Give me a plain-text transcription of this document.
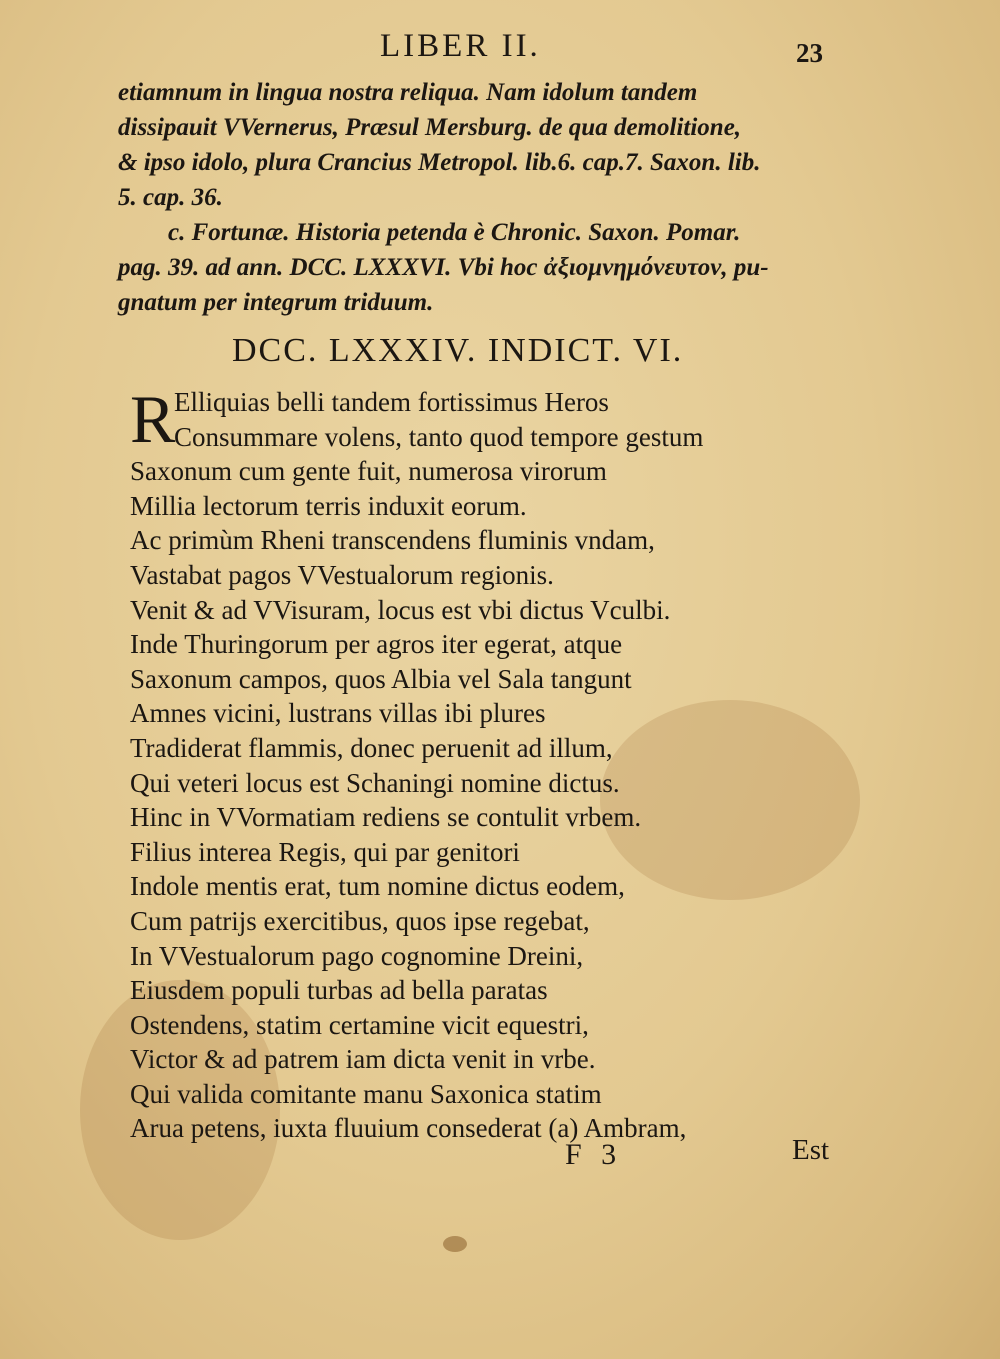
LIBER II.	23
etiamnum in lingua nostra reliqua. Nam idolum tandem
dissipauit VVernerus, Præsul Mersburg. de qua demolitione,
& ipso idolo, plura Crancius Metropol. lib.6. cap.7. Saxon. lib.
5. cap. 36.
c. Fortunæ. Historia petenda è Chronic. Saxon. Pomar.
pag. 39. ad ann. DCC. LXXXVI. Vbi hoc ἀξιομνημόνευτον, pu-
gnatum per integrum triduum.
DCC. LXXXIV. INDICT. VI.
R
Elliquias belli tandem fortissimus Heros
Consummare volens, tanto quod tempore gestum
Saxonum cum gente fuit, numerosa virorum
Millia lectorum terris induxit eorum.
Ac primùm Rheni transcendens fluminis vndam,
Vastabat pagos VVestualorum regionis.
Venit & ad VVisuram, locus est vbi dictus Vculbi.
Inde Thuringorum per agros iter egerat, atque
Saxonum campos, quos Albia vel Sala tangunt
Amnes vicini, lustrans villas ibi plures
Tradiderat flammis, donec peruenit ad illum,
Qui veteri locus est Schaningi nomine dictus.
Hinc in VVormatiam rediens se contulit vrbem.
Filius interea Regis, qui par genitori
Indole mentis erat, tum nomine dictus eodem,
Cum patrijs exercitibus, quos ipse regebat,
In VVestualorum pago cognomine Dreini,
Eiusdem populi turbas ad bella paratas
Ostendens, statim certamine vicit equestri,
Victor & ad patrem iam dicta venit in vrbe.
Qui valida comitante manu Saxonica statim
Arua petens, iuxta fluuium consederat (a) Ambram,
F 3	Est
